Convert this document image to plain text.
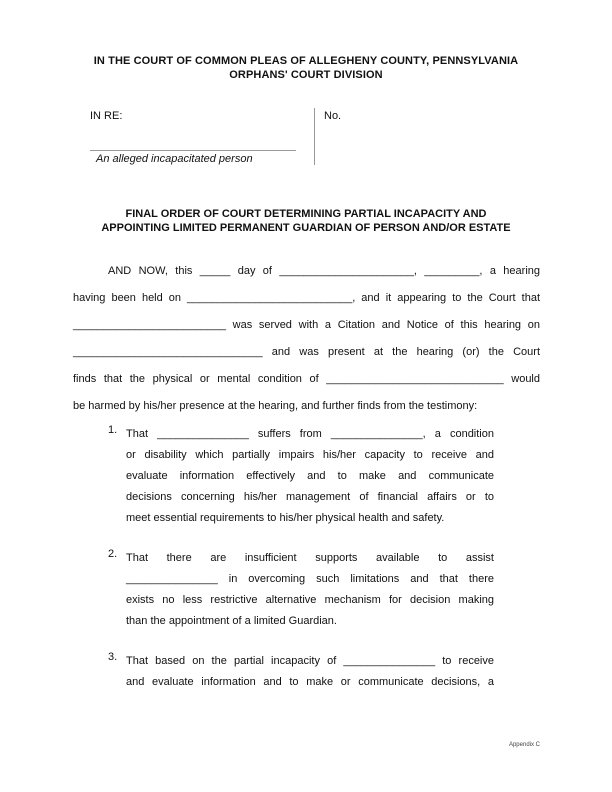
IN THE COURT OF COMMON PLEAS OF ALLEGHENY COUNTY, PENNSYLVANIA
ORPHANS' COURT DIVISION
IN RE:
An alleged incapacitated person
No.
FINAL ORDER OF COURT DETERMINING PARTIAL INCAPACITY AND
APPOINTING LIMITED PERMANENT GUARDIAN OF PERSON AND/OR ESTATE
AND NOW, this _____ day of ______________________, _________, a hearing
having been held on ___________________________, and it appearing to the Court that
_________________________ was served with a Citation and Notice of this hearing on
_______________________________ and was present at the hearing (or) the Court
finds that the physical or mental condition of _____________________________ would
be harmed by his/her presence at the hearing, and further finds from the testimony:
1. That _______________ suffers from _______________, a condition
or disability which partially impairs his/her capacity to receive and
evaluate information effectively and to make and communicate
decisions concerning his/her management of financial affairs or to
meet essential requirements to his/her physical health and safety.
2. That there are insufficient supports available to assist
_______________ in overcoming such limitations and that there
exists no less restrictive alternative mechanism for decision making
than the appointment of a limited Guardian.
3. That based on the partial incapacity of _______________ to receive
and evaluate information and to make or communicate decisions, a
Appendix C
